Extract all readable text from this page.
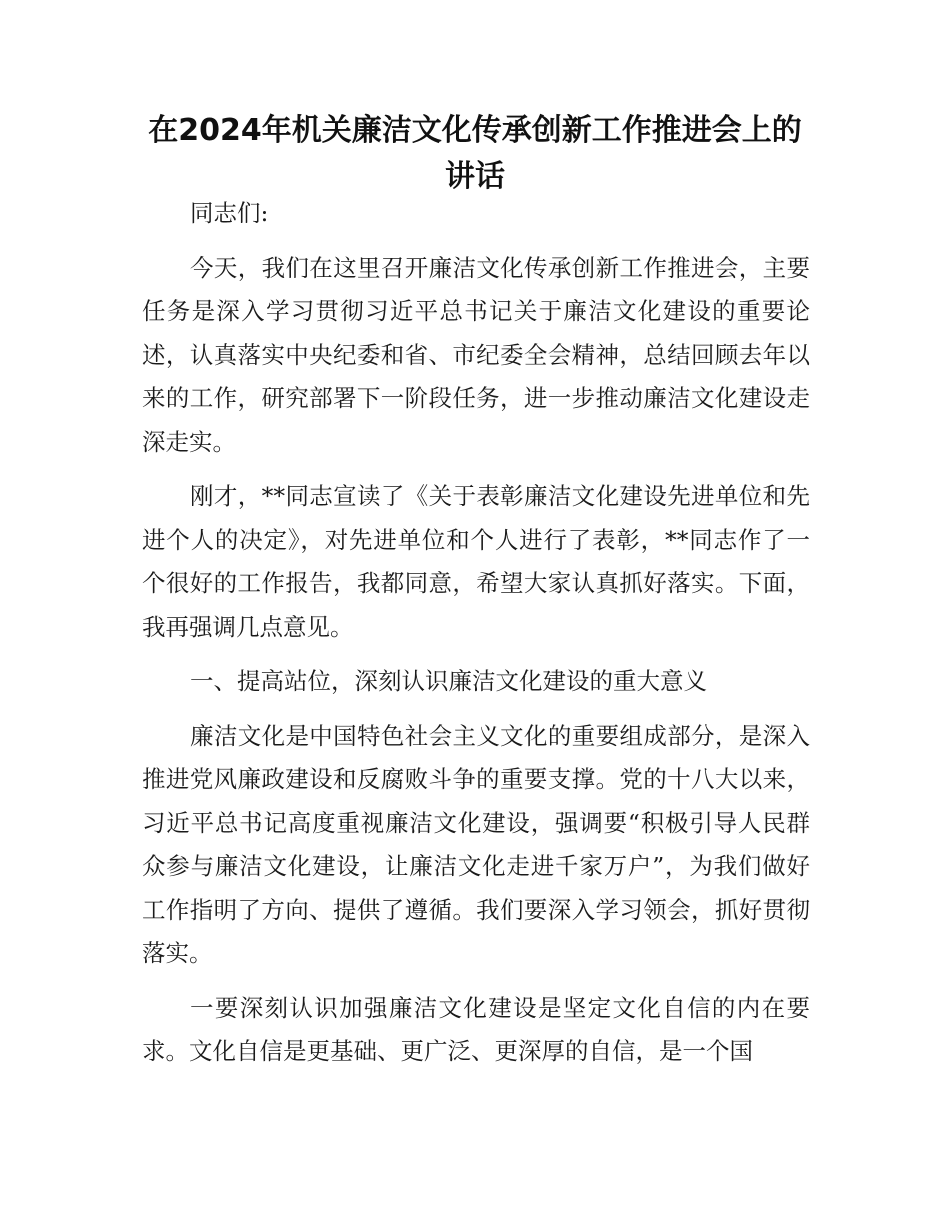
在2024年机关廉洁文化传承创新工作推进会上的讲话

同志们:

今天，我们在这里召开廉洁文化传承创新工作推进会，主要任务是深入学习贯彻习近平总书记关于廉洁文化建设的重要论述，认真落实中央纪委和省、市纪委全会精神，总结回顾去年以来的工作，研究部署下一阶段任务，进一步推动廉洁文化建设走深走实。

刚才，**同志宣读了《关于表彰廉洁文化建设先进单位和先进个人的决定》，对先进单位和个人进行了表彰，**同志作了一个很好的工作报告，我都同意，希望大家认真抓好落实。下面，我再强调几点意见。

一、提高站位，深刻认识廉洁文化建设的重大意义

廉洁文化是中国特色社会主义文化的重要组成部分，是深入推进党风廉政建设和反腐败斗争的重要支撑。党的十八大以来，习近平总书记高度重视廉洁文化建设，强调要“积极引导人民群众参与廉洁文化建设，让廉洁文化走进千家万户”，为我们做好工作指明了方向、提供了遵循。我们要深入学习领会，抓好贯彻落实。

一要深刻认识加强廉洁文化建设是坚定文化自信的内在要求。文化自信是更基础、更广泛、更深厚的自信，是一个国
